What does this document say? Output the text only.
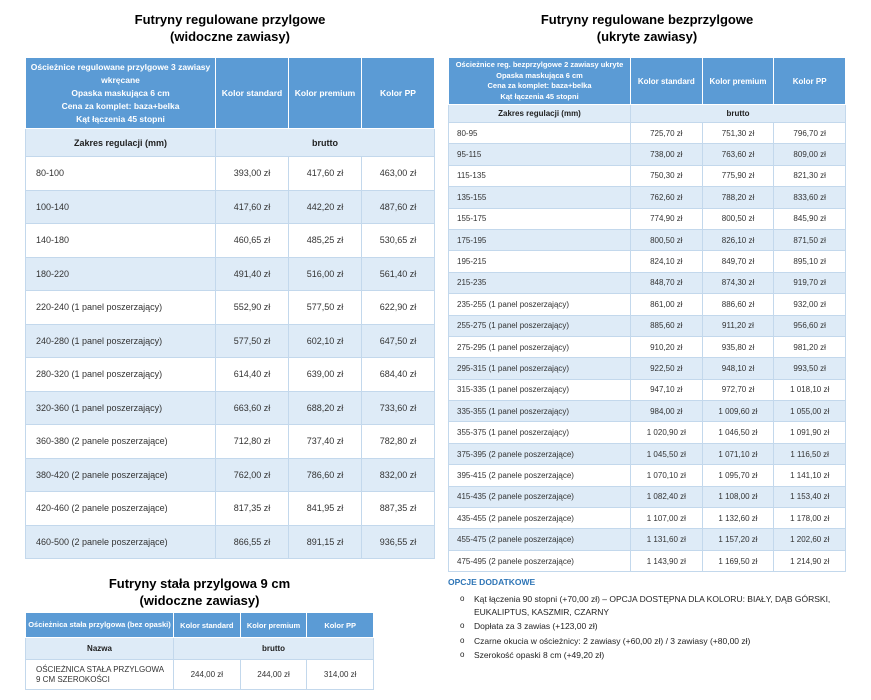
Futryny regulowane przylgowe
(widoczne zawiasy)
Ościeżnice regulowane przylgowe 3 zawiasy wkręcane
Opaska maskująca 6 cm
Cena za komplet: baza+belka
Kąt łączenia 45 stopni	Kolor standard	Kolor premium	Kolor PP
Zakres regulacji (mm)	brutto		
80-100	393,00 zł	417,60 zł	463,00 zł
100-140	417,60 zł	442,20 zł	487,60 zł
140-180	460,65 zł	485,25 zł	530,65 zł
180-220	491,40 zł	516,00 zł	561,40 zł
220-240 (1 panel poszerzający)	552,90 zł	577,50 zł	622,90 zł
240-280 (1 panel poszerzający)	577,50 zł	602,10 zł	647,50 zł
280-320 (1 panel poszerzający)	614,40 zł	639,00 zł	684,40 zł
320-360 (1 panel poszerzający)	663,60 zł	688,20 zł	733,60 zł
360-380 (2 panele poszerzające)	712,80 zł	737,40 zł	782,80 zł
380-420 (2 panele poszerzające)	762,00 zł	786,60 zł	832,00 zł
420-460 (2 panele poszerzające)	817,35 zł	841,95 zł	887,35 zł
460-500 (2 panele poszerzające)	866,55 zł	891,15 zł	936,55 zł
Futryny regulowane bezprzylgowe
(ukryte zawiasy)
Ościeżnice reg. bezprzylgowe 2 zawiasy ukryte
Opaska maskująca 6 cm
Cena za komplet: baza+belka
Kąt łączenia 45 stopni	Kolor standard	Kolor premium	Kolor PP
Zakres regulacji (mm)	brutto		
80-95	725,70 zł	751,30 zł	796,70 zł
95-115	738,00 zł	763,60 zł	809,00 zł
115-135	750,30 zł	775,90 zł	821,30 zł
135-155	762,60 zł	788,20 zł	833,60 zł
155-175	774,90 zł	800,50 zł	845,90 zł
175-195	800,50 zł	826,10 zł	871,50 zł
195-215	824,10 zł	849,70 zł	895,10 zł
215-235	848,70 zł	874,30 zł	919,70 zł
235-255 (1 panel poszerzający)	861,00 zł	886,60 zł	932,00 zł
255-275 (1 panel poszerzający)	885,60 zł	911,20 zł	956,60 zł
275-295 (1 panel poszerzający)	910,20 zł	935,80 zł	981,20 zł
295-315 (1 panel poszerzający)	922,50 zł	948,10 zł	993,50 zł
315-335 (1 panel poszerzający)	947,10 zł	972,70 zł	1 018,10 zł
335-355 (1 panel poszerzający)	984,00 zł	1 009,60 zł	1 055,00 zł
355-375 (1 panel poszerzający)	1 020,90 zł	1 046,50 zł	1 091,90 zł
375-395 (2 panele poszerzające)	1 045,50 zł	1 071,10 zł	1 116,50 zł
395-415 (2 panele poszerzające)	1 070,10 zł	1 095,70 zł	1 141,10 zł
415-435 (2 panele poszerzające)	1 082,40 zł	1 108,00 zł	1 153,40 zł
435-455 (2 panele poszerzające)	1 107,00 zł	1 132,60 zł	1 178,00 zł
455-475 (2 panele poszerzające)	1 131,60 zł	1 157,20 zł	1 202,60 zł
475-495 (2 panele poszerzające)	1 143,90 zł	1 169,50 zł	1 214,90 zł
Futryny stała przylgowa 9 cm
(widoczne zawiasy)
Ościeżnica stała przylgowa (bez opaski)	Kolor standard	Kolor premium	Kolor PP
Nazwa	brutto		
OŚCIEŻNICA STAŁA PRZYLGOWA 9 CM SZEROKOŚCI	244,00 zł	244,00 zł	314,00 zł
OPCJE DODATKOWE
o Kąt łączenia 90 stopni (+70,00 zł) – OPCJA DOSTĘPNA DLA KOLORU: BIAŁY, DĄB GÓRSKI, EUKALIPTUS, KASZMIR, CZARNY
o Dopłata za 3 zawias (+123,00 zł)
o Czarne okucia w ościeżnicy: 2 zawiasy (+60,00 zł) / 3 zawiasy (+80,00 zł)
o Szerokość opaski 8 cm (+49,20 zł)
